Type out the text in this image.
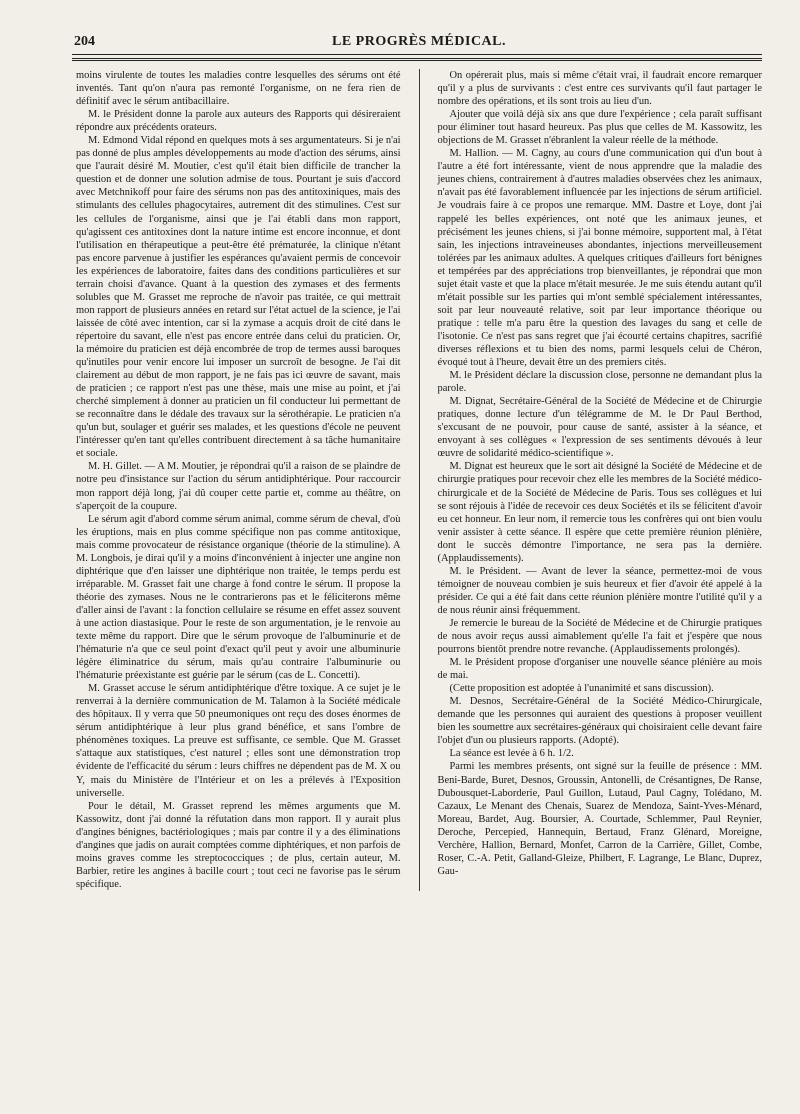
204	LE PROGRÈS MÉDICAL.

moins virulente de toutes les maladies contre lesquelles des sérums ont été inventés. Tant qu'on n'aura pas remonté l'organisme, on ne fera rien de définitif avec le sérum antibacillaire.

M. le Président donne la parole aux auteurs des Rapports qui désireraient répondre aux précédents orateurs.

M. Edmond Vidal répond en quelques mots à ses argumentateurs. Si je n'ai pas donné de plus amples développements au mode d'action des sérums, ainsi que l'aurait désiré M. Moutier, c'est qu'il était bien difficile de trancher la question et de donner une solution admise de tous. Pourtant je suis d'accord avec Metchnikoff pour faire des sérums non pas des antitoxiniques, mais des stimulants des cellules phagocytaires, autrement dit des stimulines. C'est sur les cellules de l'organisme, ainsi que je l'ai établi dans mon rapport, qu'agissent ces antitoxines dont la nature intime est encore inconnue, et dont l'utilisation en thérapeutique a peut-être été prématurée, la clinique n'étant pas encore parvenue à justifier les espérances qu'avaient permis de concevoir les expériences de laboratoire, faites dans des conditions particulières et sur terrain choisi d'avance. Quant à la question des zymases et des ferments solubles que M. Grasset me reproche de n'avoir pas traitée, ce qui mettrait mon rapport de plusieurs années en retard sur l'état actuel de la science, je l'ai laissée de côté avec intention, car si la zymase a acquis droit de cité dans le répertoire du savant, elle n'est pas encore entrée dans celui du praticien. Or, la mémoire du praticien est déjà encombrée de trop de termes aussi baroques qu'inutiles pour venir encore lui imposer un surcroît de besogne. Je l'ai dit clairement au début de mon rapport, je ne fais pas ici œuvre de savant, mais de praticien ; ce rapport n'est pas une thèse, mais une mise au point, et j'ai cherché simplement à donner au praticien un fil conducteur lui permettant de se reconnaître dans le dédale des travaux sur la sérothérapie. Le praticien n'a qu'un but, soulager et guérir ses malades, et les questions d'école ne peuvent l'intéresser qu'en tant qu'elles contribuent directement à sa tâche humanitaire et sociale.

M. H. Gillet. — A M. Moutier, je répondrai qu'il a raison de se plaindre de notre peu d'insistance sur l'action du sérum antidiphtérique. Pour raccourcir mon rapport déjà long, j'ai dû couper cette partie et, comme au théâtre, on s'aperçoit de la coupure.

Le sérum agit d'abord comme sérum animal, comme sérum de cheval, d'où les éruptions, mais en plus comme spécifique non pas comme antitoxique, mais comme provocateur de résistance organique (théorie de la stimuline). A M. Longbois, je dirai qu'il y a moins d'inconvénient à injecter une angine non diphtérique que d'en laisser une diphtérique non traitée, le temps perdu est irréparable. M. Grasset fait une charge à fond contre le sérum. Il propose la théorie des zymases. Nous ne le contrarierons pas et le féliciterons même d'aller ainsi de l'avant : la fonction cellulaire se résume en effet assez souvent à une action diastasique. Pour le reste de son argumentation, je le renvoie au texte même du rapport. Dire que le sérum provoque de l'albuminurie et de l'hématurie n'a que ce seul point d'exact qu'il peut y avoir une albuminurie légère éliminatrice du sérum, mais qu'au contraire l'albuminurie ou l'hématurie préexistante est guérie par le sérum (cas de L. Concetti).

M. Grasset accuse le sérum antidiphtérique d'être toxique. A ce sujet je le renverrai à la dernière communication de M. Talamon à la Société médicale des hôpitaux. Il y verra que 50 pneumoniques ont reçu des doses énormes de sérum antidiphtérique à leur plus grand bénéfice, et sans l'ombre de phénomènes toxiques. La preuve est suffisante, ce semble. Que M. Grasset s'attaque aux statistiques, c'est naturel ; elles sont une démonstration trop évidente de l'efficacité du sérum : leurs chiffres ne dépendent pas de M. X ou Y, mais du Ministère de l'Intérieur et on les a prélevés à l'Exposition universelle.

Pour le détail, M. Grasset reprend les mêmes arguments que M. Kassowitz, dont j'ai donné la réfutation dans mon rapport. Il y aurait plus d'angines bénignes, bactériologiques ; mais par contre il y a des éliminations d'angines que jadis on aurait comptées comme diphtériques, et non parfois de moins graves comme les streptococciques ; de plus, certain auteur, M. Barbier, retire les angines à bacille court ; tout ceci ne favorise pas le sérum spécifique.

On opérerait plus, mais si même c'était vrai, il faudrait encore remarquer qu'il y a plus de survivants : c'est entre ces survivants qu'il faut partager le nombre des opérations, et ils sont trois au lieu d'un.

Ajouter que voilà déjà six ans que dure l'expérience ; cela paraît suffisant pour éliminer tout hasard heureux. Pas plus que celles de M. Kassowitz, les objections de M. Grasset n'ébranlent la valeur réelle de la méthode.

M. Hallion. — M. Cagny, au cours d'une communication qui d'un bout à l'autre a été fort intéressante, vient de nous apprendre que la maladie des jeunes chiens, contrairement à d'autres maladies observées chez les animaux, n'avait pas été favorablement influencée par les injections de sérum artificiel. Je voudrais faire à ce propos une remarque. MM. Dastre et Loye, dont j'ai rappelé les belles expériences, ont noté que les animaux jeunes, et précisément les jeunes chiens, si j'ai bonne mémoire, supportent mal, à l'état sain, les injections intraveineuses abondantes, injections merveilleusement tolérées par les animaux adultes. A quelques critiques d'ailleurs fort bénignes et tempérées par des appréciations trop bienveillantes, je répondrai que mon sujet était vaste et que la place m'était mesurée. Je me suis étendu autant qu'il m'était possible sur les parties qui m'ont semblé spécialement intéressantes, soit par leur nouveauté relative, soit par leur importance théorique ou pratique : telle m'a paru être la question des lavages du sang et celle de l'isotonie. Ce n'est pas sans regret que j'ai écourté certains chapitres, sacrifié diverses réflexions et tu bien des noms, parmi lesquels celui de Chéron, évoqué tout à l'heure, devait être un des premiers cités.

M. le Président déclare la discussion close, personne ne demandant plus la parole.

M. Dignat, Secrétaire-Général de la Société de Médecine et de Chirurgie pratiques, donne lecture d'un télégramme de M. le Dr Paul Berthod, s'excusant de ne pouvoir, pour cause de santé, assister à la séance, et envoyant à ses collègues « l'expression de ses sentiments dévoués à leur œuvre de solidarité médico-scientifique ».

M. Dignat est heureux que le sort ait désigné la Société de Médecine et de chirurgie pratiques pour recevoir chez elle les membres de la Société médico-chirurgicale et de la Société de Médecine de Paris. Tous ses collègues et lui se sont réjouis à l'idée de recevoir ces deux Sociétés et ils se félicitent d'avoir eu cet honneur. En leur nom, il remercie tous les confrères qui ont bien voulu venir assister à cette séance. Il espère que cette première réunion plénière, dont le succès démontre l'importance, ne sera pas la dernière. (Applaudissements).

M. le Président. — Avant de lever la séance, permettez-moi de vous témoigner de nouveau combien je suis heureux et fier d'avoir été appelé à la présider. Ce qui a été fait dans cette réunion plénière montre l'utilité qu'il y a de nous réunir ainsi fréquemment.

Je remercie le bureau de la Société de Médecine et de Chirurgie pratiques de nous avoir reçus aussi aimablement qu'elle l'a fait et j'espère que nous pourrons bientôt prendre notre revanche. (Applaudissements prolongés).

M. le Président propose d'organiser une nouvelle séance plénière au mois de mai.

(Cette proposition est adoptée à l'unanimité et sans discussion).

M. Desnos, Secrétaire-Général de la Société Médico-Chirurgicale, demande que les personnes qui auraient des questions à proposer veuillent bien les soumettre aux secrétaires-généraux qui choisiraient celle devant faire l'objet d'un ou plusieurs rapports. (Adopté).

La séance est levée à 6 h. 1/2.

Parmi les membres présents, ont signé sur la feuille de présence : MM. Beni-Barde, Buret, Desnos, Groussin, Antonelli, de Crésantignes, De Ranse, Dubousquet-Laborderie, Paul Guillon, Lutaud, Paul Cagny, Tolédano, M. Cazaux, Le Menant des Chenais, Suarez de Mendoza, Saint-Yves-Ménard, Moreau, Bardet, Aug. Boursier, A. Courtade, Schlemmer, Paul Reynier, Deroche, Percepied, Hannequin, Bertaud, Franz Glénard, Moreigne, Verchère, Hallion, Bernard, Monfet, Carron de la Carrière, Gillet, Combe, Roser, C.-A. Petit, Galland-Gleize, Philbert, F. Lagrange, Le Blanc, Duprez, Gau-
